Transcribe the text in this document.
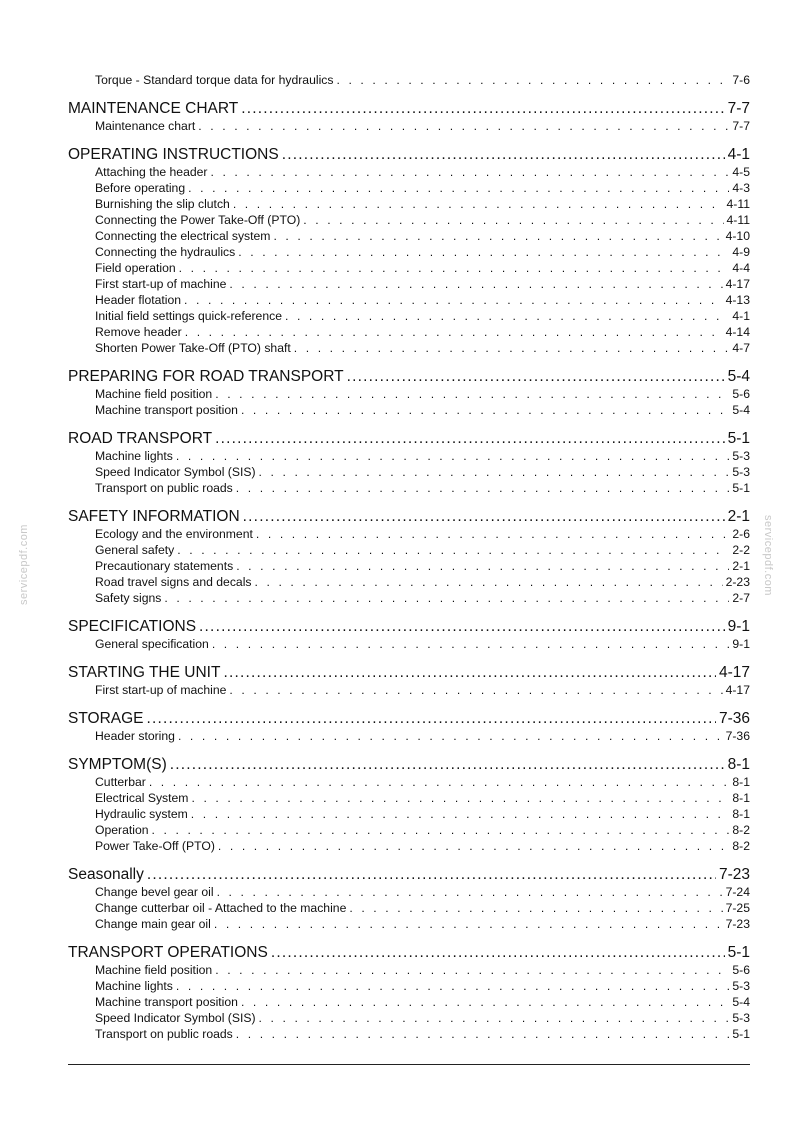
servicepdf.com	servicepdf.com
Torque - Standard torque data for hydraulics . . .	7-6
MAINTENANCE CHART .....	7-7
Maintenance chart . . .	7-7
OPERATING INSTRUCTIONS .....	4-1
Attaching the header . . .	4-5
Before operating . . .	4-3
Burnishing the slip clutch . . .	4-11
Connecting the Power Take-Off (PTO) . . .	4-11
Connecting the electrical system . . .	4-10
Connecting the hydraulics . . .	4-9
Field operation . . .	4-4
First start-up of machine . . .	4-17
Header flotation . . .	4-13
Initial field settings quick-reference . . .	4-1
Remove header . . .	4-14
Shorten Power Take-Off (PTO) shaft . . .	4-7
PREPARING FOR ROAD TRANSPORT .....	5-4
Machine field position . . .	5-6
Machine transport position . . .	5-4
ROAD TRANSPORT .....	5-1
Machine lights . . .	5-3
Speed Indicator Symbol (SIS) . . .	5-3
Transport on public roads . . .	5-1
SAFETY INFORMATION .....	2-1
Ecology and the environment . . .	2-6
General safety . . .	2-2
Precautionary statements . . .	2-1
Road travel signs and decals . . .	2-23
Safety signs . . .	2-7
SPECIFICATIONS .....	9-1
General specification . . .	9-1
STARTING THE UNIT .....	4-17
First start-up of machine . . .	4-17
STORAGE .....	7-36
Header storing . . .	7-36
SYMPTOM(S) .....	8-1
Cutterbar . . .	8-1
Electrical System . . .	8-1
Hydraulic system . . .	8-1
Operation . . .	8-2
Power Take-Off (PTO) . . .	8-2
Seasonally .....	7-23
Change bevel gear oil . . .	7-24
Change cutterbar oil - Attached to the machine . . .	7-25
Change main gear oil . . .	7-23
TRANSPORT OPERATIONS .....	5-1
Machine field position . . .	5-6
Machine lights . . .	5-3
Machine transport position . . .	5-4
Speed Indicator Symbol (SIS) . . .	5-3
Transport on public roads . . .	5-1
